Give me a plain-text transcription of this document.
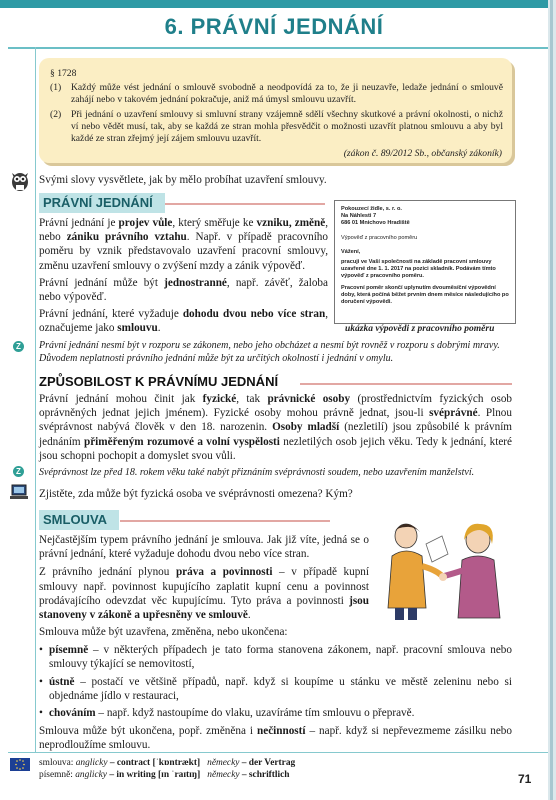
6. PRÁVNÍ JEDNÁNÍ
§ 1728
(1) Každý může vést jednání o smlouvě svobodně a neodpovídá za to, že ji neuzavře, ledaže jednání o smlouvě zahájí nebo v takovém jednání pokračuje, aniž má úmysl smlouvu uzavřít.
(2) Při jednání o uzavření smlouvy si smluvní strany vzájemně sdělí všechny skutkové a právní okolnosti, o nichž ví nebo vědět musí, tak, aby se každá ze stran mohla přesvědčit o možnosti uzavřít platnou smlouvu a aby byl každé ze stran zřejmý její zájem smlouvu uzavřít.
(zákon č. 89/2012 Sb., občanský zákoník)
Svými slovy vysvětlete, jak by mělo probíhat uzavření smlouvy.
PRÁVNÍ JEDNÁNÍ

Právní jednání je projev vůle, který směřuje ke vzniku, změně, nebo zániku právního vztahu. Např. v případě pracovního poměru by vznik představovalo uzavření pracovní smlouvy, změnu uzavření smlouvy o zvýšení mzdy a zánik výpověď.

Právní jednání může být jednostranné, např. závěť, žaloba nebo výpověď.

Právní jednání, které vyžaduje dohodu dvou nebo více stran, označujeme jako smlouvu.

Pokouzecí židle, s. r. o.
Na Náhlesti 7
686 01 Mnichovo Hradiště
Výpověď z pracovního poměru
Vážení,
pracuji ve Vaší společnosti na základě pracovní smlouvy uzavřené dne 1. 1. 2017 na pozici skladník. Podávám tímto výpověď z pracovního poměru.
Pracovní poměr skončí uplynutím dvouměsíční výpovědní doby, která počíná běžet prvním dnem měsíce následujícího po doručení výpovědi.
ukázka výpovědi z pracovního poměru
Z	Právní jednání nesmí být v rozporu se zákonem, nebo jeho obcházet a nesmí být rovněž v rozporu s dobrými mravy. Důvodem neplatnosti právního jednání může být za určitých okolností i jednání v omylu.
ZPŮSOBILOST K PRÁVNÍMU JEDNÁNÍ
Právní jednání mohou činit jak fyzické, tak právnické osoby (prostřednictvím fyzických osob oprávněných jednat jejich jménem). Fyzické osoby mohou právně jednat, jsou-li svéprávné. Plnou svéprávnost nabývá člověk v den 18. narozenin. Osoby mladší (nezletilí) jsou způsobilé k právním jednáním přiměřeným rozumové a volní vyspělosti nezletilých osob jejich věku. Tedy k jednání, které jsou schopni pochopit a domyslet svou vůli.
Z	Svéprávnost lze před 18. rokem věku také nabýt přiznáním svéprávnosti soudem, nebo uzavřením manželství.
Zjistěte, zda může být fyzická osoba ve svéprávnosti omezena? Kým?
SMLOUVA

Nejčastějším typem právního jednání je smlouva. Jak již víte, jedná se o právní jednání, které vyžaduje dohodu dvou nebo více stran.

Z právního jednání plynou práva a povinnosti – v případě kupní smlouvy např. povinnost kupujícího zaplatit kupní cenu a povinnost prodávajícího odevzdat věc kupujícímu. Tyto práva a povinnosti jsou stanoveny v zákoně a upřesněny ve smlouvě.

Smlouva může být uzavřena, změněna, nebo ukončena:

• písemně – v některých případech je tato forma stanovena zákonem, např. pracovní smlouva nebo smlouvy týkající se nemovitostí,
• ústně – postačí ve většině případů, např. když si koupíme u stánku ve městě zeleninu nebo si objednáme jídlo v restauraci,
• chováním – např. když nastoupíme do vlaku, uzavíráme tím smlouvu o přepravě.

Smlouva může být ukončena, popř. změněna i nečinností – např. když si nepřevezmeme zásilku nebo neprodloužíme smlouvu.

smlouva: anglicky – contract [ˈkɒntrækt] německy – der Vertrag
písemně: anglicky – in writing [ɪn ˈraɪtɪŋ] německy – schriftlich	71
